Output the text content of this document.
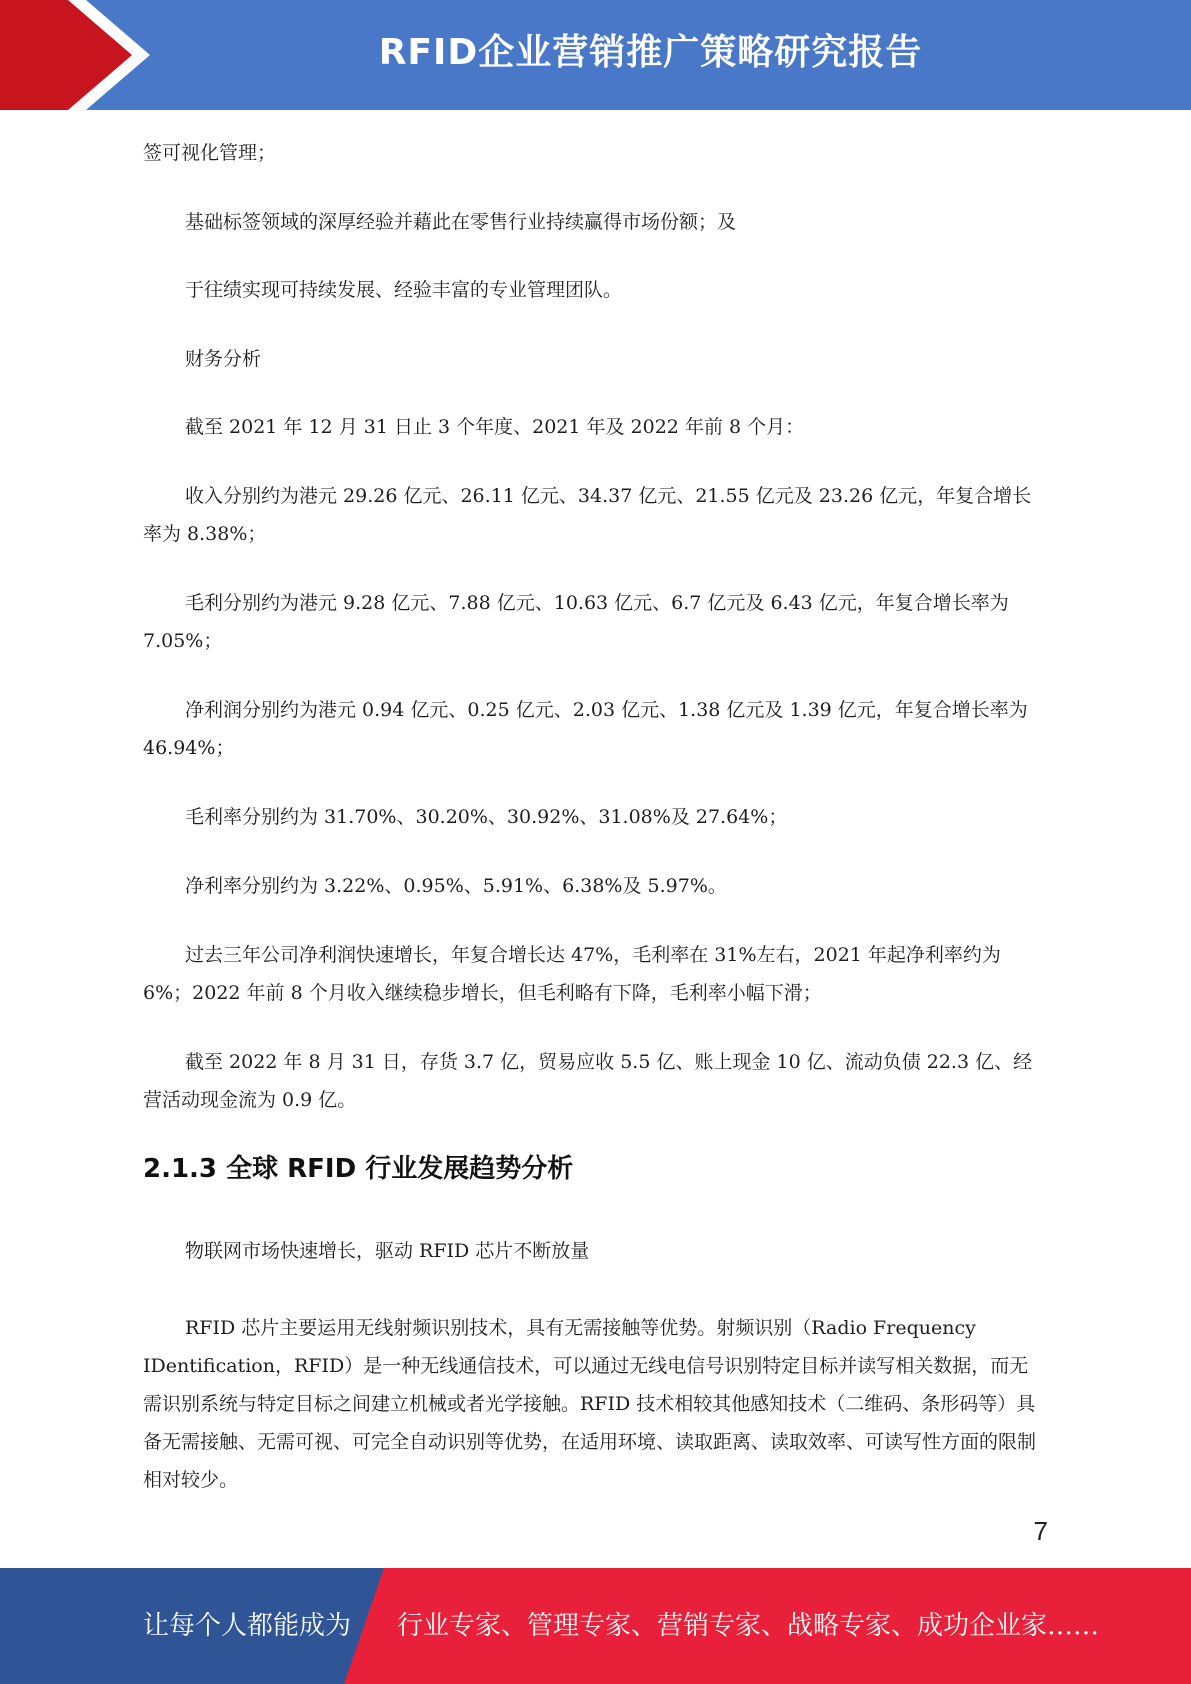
RFID企业营销推广策略研究报告

签可视化管理；

基础标签领域的深厚经验并藉此在零售行业持续赢得市场份额；及

于往绩实现可持续发展、经验丰富的专业管理团队。

财务分析

截至 2021 年 12 月 31 日止 3 个年度、2021 年及 2022 年前 8 个月：

收入分别约为港元 29.26 亿元、26.11 亿元、34.37 亿元、21.55 亿元及 23.26 亿元，年复合增长率为 8.38%；

毛利分别约为港元 9.28 亿元、7.88 亿元、10.63 亿元、6.7 亿元及 6.43 亿元，年复合增长率为 7.05%；

净利润分别约为港元 0.94 亿元、0.25 亿元、2.03 亿元、1.38 亿元及 1.39 亿元，年复合增长率为 46.94%；

毛利率分别约为 31.70%、30.20%、30.92%、31.08%及 27.64%；

净利率分别约为 3.22%、0.95%、5.91%、6.38%及 5.97%。

过去三年公司净利润快速增长，年复合增长达 47%，毛利率在 31%左右，2021 年起净利率约为 6%；2022 年前 8 个月收入继续稳步增长，但毛利略有下降，毛利率小幅下滑；

截至 2022 年 8 月 31 日，存货 3.7 亿，贸易应收 5.5 亿、账上现金 10 亿、流动负债 22.3 亿、经营活动现金流为 0.9 亿。

2.1.3 全球 RFID 行业发展趋势分析

物联网市场快速增长，驱动 RFID 芯片不断放量

RFID 芯片主要运用无线射频识别技术，具有无需接触等优势。射频识别（Radio Frequency IDentification，RFID）是一种无线通信技术，可以通过无线电信号识别特定目标并读写相关数据，而无需识别系统与特定目标之间建立机械或者光学接触。RFID 技术相较其他感知技术（二维码、条形码等）具备无需接触、无需可视、可完全自动识别等优势，在适用环境、读取距离、读取效率、可读写性方面的限制相对较少。

7
让每个人都能成为 行业专家、管理专家、营销专家、战略专家、成功企业家……
